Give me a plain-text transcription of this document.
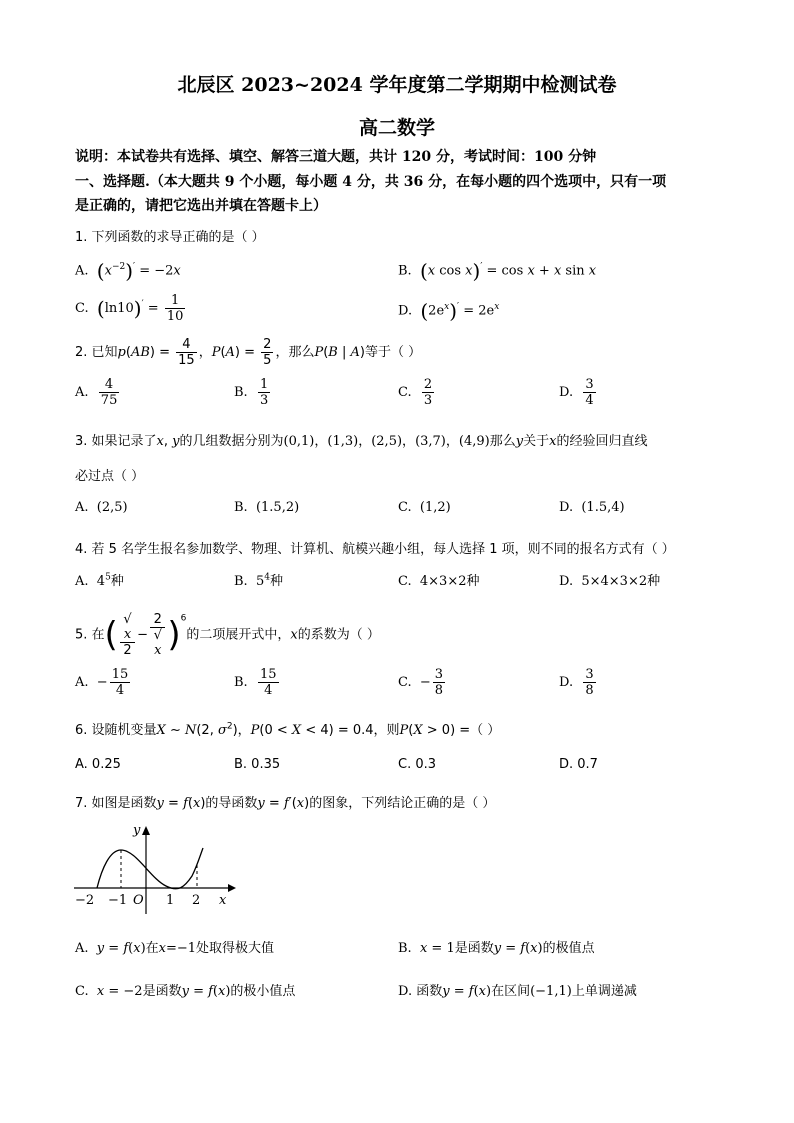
北辰区 2023~2024 学年度第二学期期中检测试卷
高二数学
说明：本试卷共有选择、填空、解答三道大题，共计 120 分，考试时间：100 分钟
一、选择题.（本大题共 9 个小题，每小题 4 分，共 36 分，在每小题的四个选项中，只有一项
是正确的，请把它选出并填在答题卡上）
1. 下列函数的求导正确的是（ ）
A.  $(x^{-2})' = -2x$	B.  (x cos x)′ = cos x + x sin x
C.  $(\ln 10)' = \frac{1}{10}$	D.  $(2e^x)' = 2e^x$
2. 已知$p(AB) = \frac{4}{15}$ ，$P(A) = \frac{2}{5}$ ，那么P(B | A)等于（ ）
A. $\frac{4}{75}$	B. $\frac{1}{3}$	C. $\frac{2}{3}$	D. $\frac{3}{4}$
3. 如果记录了x, y的几组数据分别为(0,1)，(1,3)，(2,5)，(3,7)，(4,9)那么y关于x的经验回归直线
必过点（ ）
A.  (2,5)	B.  (1.5,2)	C.  (1,2)	D.  (1.5,4)
4. 若 5 名学生报名参加数学、物理、计算机、航模兴趣小组，每人选择 1 项，则不同的报名方式有（ ）
A.  $4^5$种	B.  $5^4$种	C.  4×3×2种	D.  5×4×3×2种
5. 在( √
x
2 − 2
√
x )$^6$的二项展开式中，x的系数为（ ）
A.  − $\frac{15}{4}$	B. $\frac{15}{4}$	C.  − $\frac{3}{8}$	D. $\frac{3}{8}$
6. 设随机变量X ~ N(2, $\sigma^2$)，P(0 < X < 4) = 0.4，则P(X > 0) =（ ）
A. 0.25	B. 0.35	C. 0.3	D. 0.7
7. 如图是函数y = f(x)的导函数y = f′(x)的图象，下列结论正确的是（ ）
y
x
O
−2 −1	1 2
A.  y = f(x)在x=−1处取得极大值	B.  x = 1是函数y = f(x)的极值点
C.  x = −2是函数y = f(x)的极小值点	D. 函数y = f(x)在区间(−1,1)上单调递减
